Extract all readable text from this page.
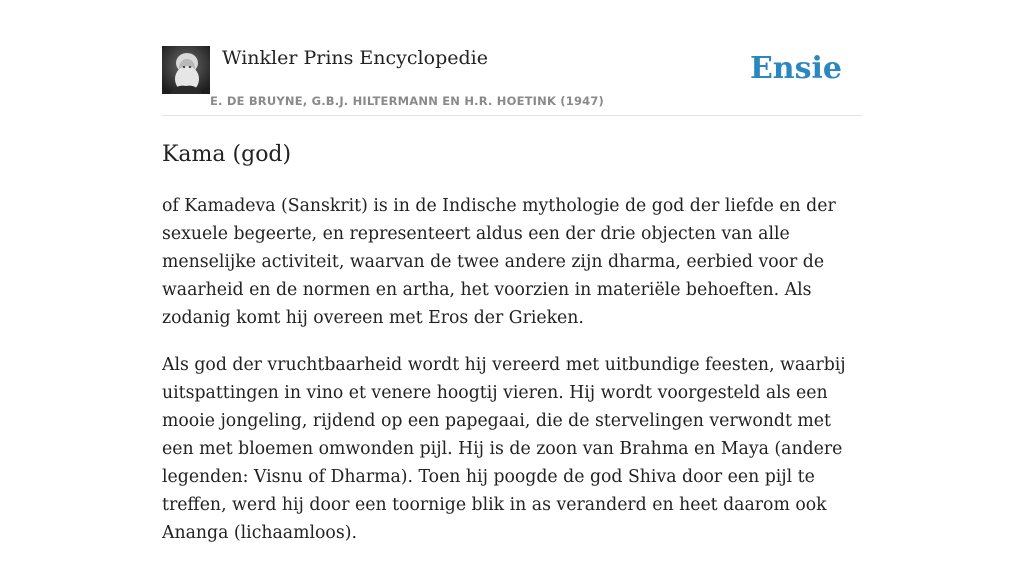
Winkler Prins Encyclopedie
E. DE BRUYNE, G.B.J. HILTERMANN EN H.R. HOETINK (1947)
Ensie
Kama (god)

of Kamadeva (Sanskrit) is in de Indische mythologie de god der liefde en der sexuele begeerte, en representeert aldus een der drie objecten van alle menselijke activiteit, waarvan de twee andere zijn dharma, eerbied voor de waarheid en de normen en artha, het voorzien in materiële behoeften. Als zodanig komt hij overeen met Eros der Grieken.

Als god der vruchtbaarheid wordt hij vereerd met uitbundige feesten, waarbij uitspattingen in vino et venere hoogtij vieren. Hij wordt voorgesteld als een mooie jongeling, rijdend op een papegaai, die de stervelingen verwondt met een met bloemen omwonden pijl. Hij is de zoon van Brahma en Maya (andere legenden: Visnu of Dharma). Toen hij poogde de god Shiva door een pijl te treffen, werd hij door een toornige blik in as veranderd en heet daarom ook Ananga (lichaamloos).
